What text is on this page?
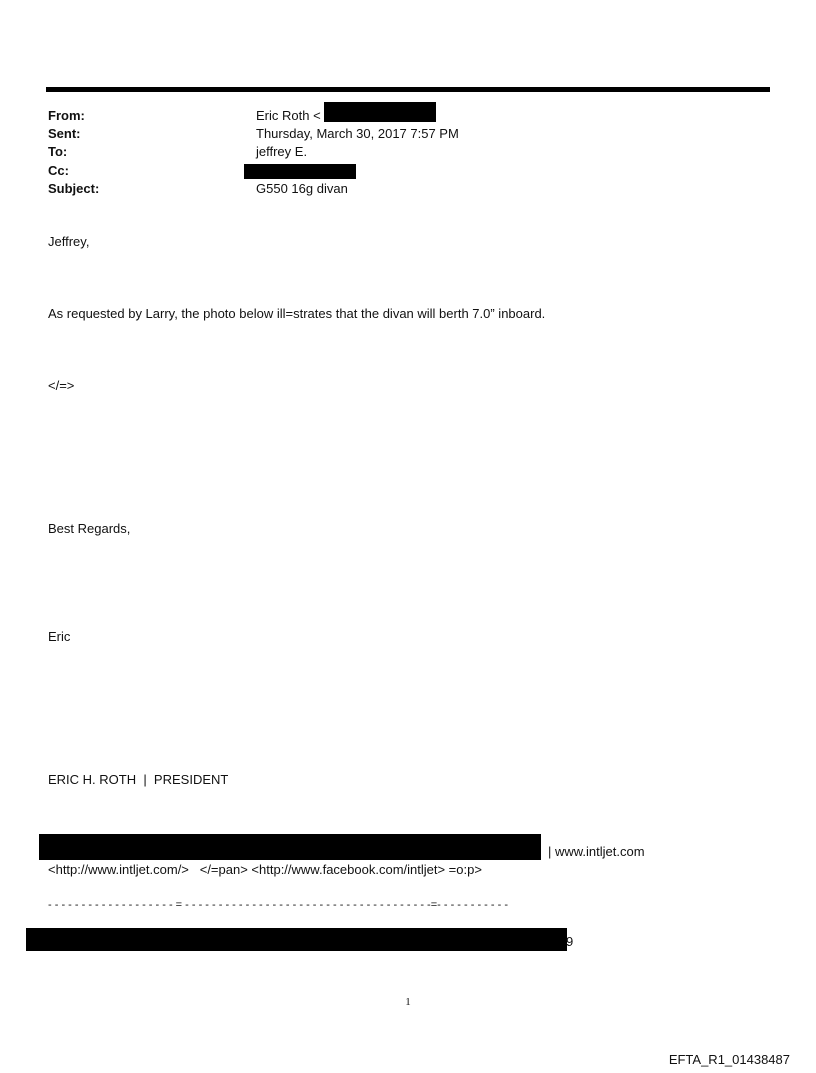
From:	Eric Roth <
Sent:	Thursday, March 30, 2017 7:57 PM
To:	jeffrey E.
Cc:
Subject:	G550 16g divan
Jeffrey,
As requested by Larry, the photo below ill=strates that the divan will berth 7.0” inboard.
</=>
Best Regards,
Eric
ERIC H. ROTH  |  PRESIDENT
| www.intljet.com
<http://www.intljet.com/>   </=pan> <http://www.facebook.com/intljet> =o:p>
- - - - - - - - - - - - - - - - - - - = - - - - - - - - - - - - - - - - - - - - - - - - - - - - - - - - - - - - -=- - - - - - - - - - -
9
1
EFTA_R1_01438487
